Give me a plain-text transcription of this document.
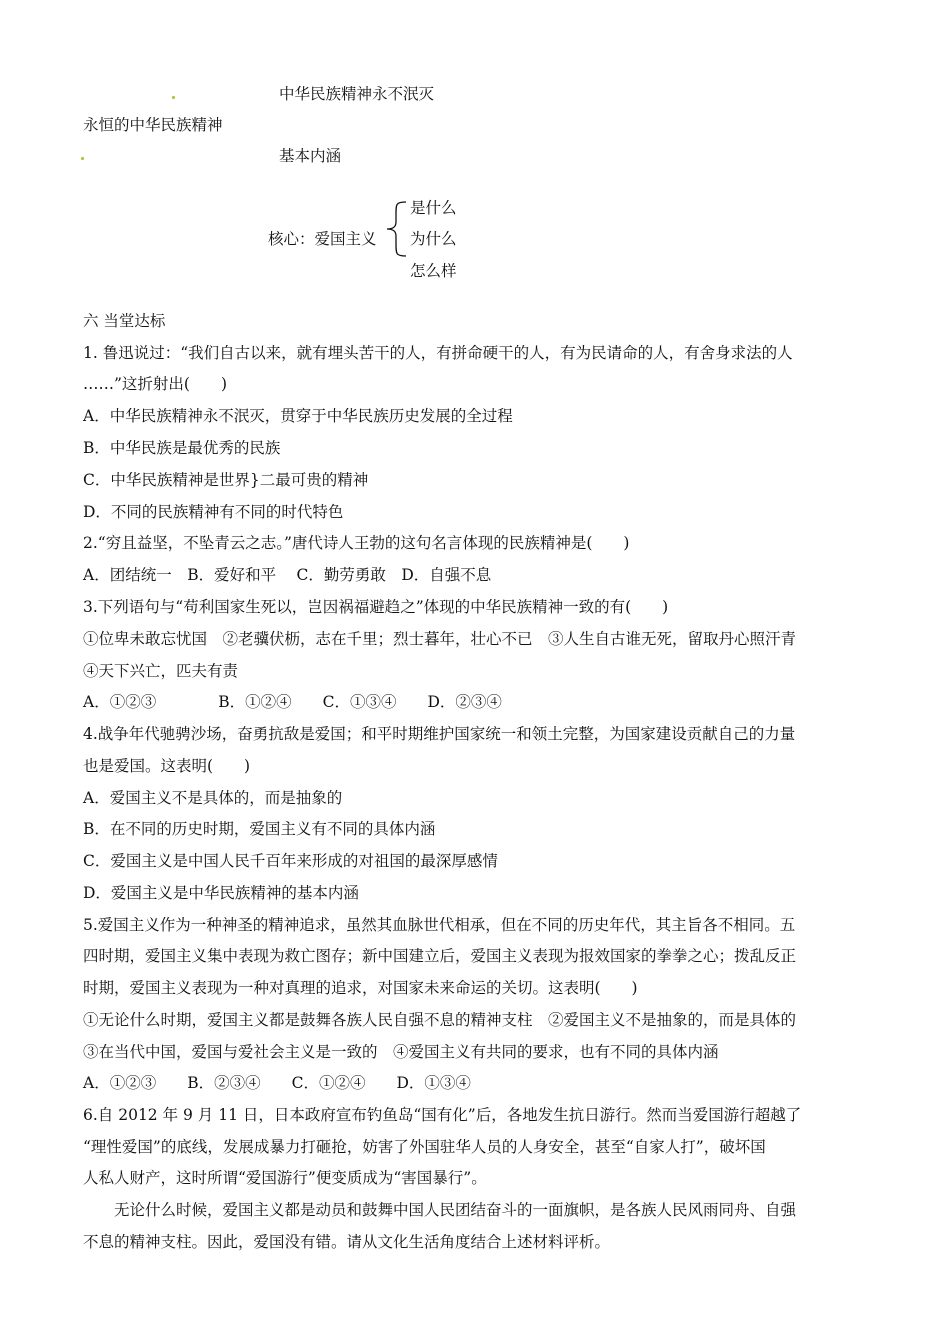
中华民族精神永不泯灭
永恒的中华民族精神
基本内涵
核心：爱国主义
是什么
为什么
怎么样
六 当堂达标
1. 鲁迅说过：“我们自古以来，就有埋头苦干的人，有拼命硬干的人，有为民请命的人，有舍身求法的人
……”这折射出(　　)
A．中华民族精神永不泯灭，贯穿于中华民族历史发展的全过程
B．中华民族是最优秀的民族
C．中华民族精神是世界}二最可贵的精神
D．不同的民族精神有不同的时代特色
2.“穷且益坚，不坠青云之志。”唐代诗人王勃的这句名言体现的民族精神是(　　)
A．团结统一　B．爱好和平　 C．勤劳勇敢　D．自强不息
3.下列语句与“苟利国家生死以，岂因祸福避趋之”体现的中华民族精神一致的有(　　)
①位卑未敢忘忧国　②老骥伏枥，志在千里；烈士暮年，壮心不已　③人生自古谁无死，留取丹心照汗青
④天下兴亡，匹夫有责
A．①②③　　　　B．①②④　　C．①③④　　D．②③④
4.战争年代驰骋沙场，奋勇抗敌是爱国；和平时期维护国家统一和领土完整，为国家建设贡献自己的力量
也是爱国。这表明(　　)
A．爱国主义不是具体的，而是抽象的
B．在不同的历史时期，爱国主义有不同的具体内涵
C．爱国主义是中国人民千百年来形成的对祖国的最深厚感情
D．爱国主义是中华民族精神的基本内涵
5.爱国主义作为一种神圣的精神追求，虽然其血脉世代相承，但在不同的历史年代，其主旨各不相同。五
四时期，爱国主义集中表现为救亡图存；新中国建立后，爱国主义表现为报效国家的拳拳之心；拨乱反正
时期，爱国主义表现为一种对真理的追求，对国家未来命运的关切。这表明(　　)
①无论什么时期，爱国主义都是鼓舞各族人民自强不息的精神支柱　②爱国主义不是抽象的，而是具体的
③在当代中国，爱国与爱社会主义是一致的　④爱国主义有共同的要求，也有不同的具体内涵
A．①②③　　B．②③④　　C．①②④　　D．①③④
6.自 2012 年 9 月 11 日，日本政府宣布钓鱼岛“国有化”后，各地发生抗日游行。然而当爱国游行超越了
“理性爱国”的底线，发展成暴力打砸抢，妨害了外国驻华人员的人身安全，甚至“自家人打”，破坏国
人私人财产，这时所谓“爱国游行”便变质成为“害国暴行”。
无论什么时候，爱国主义都是动员和鼓舞中国人民团结奋斗的一面旗帜，是各族人民风雨同舟、自强
不息的精神支柱。因此，爱国没有错。请从文化生活角度结合上述材料评析。
